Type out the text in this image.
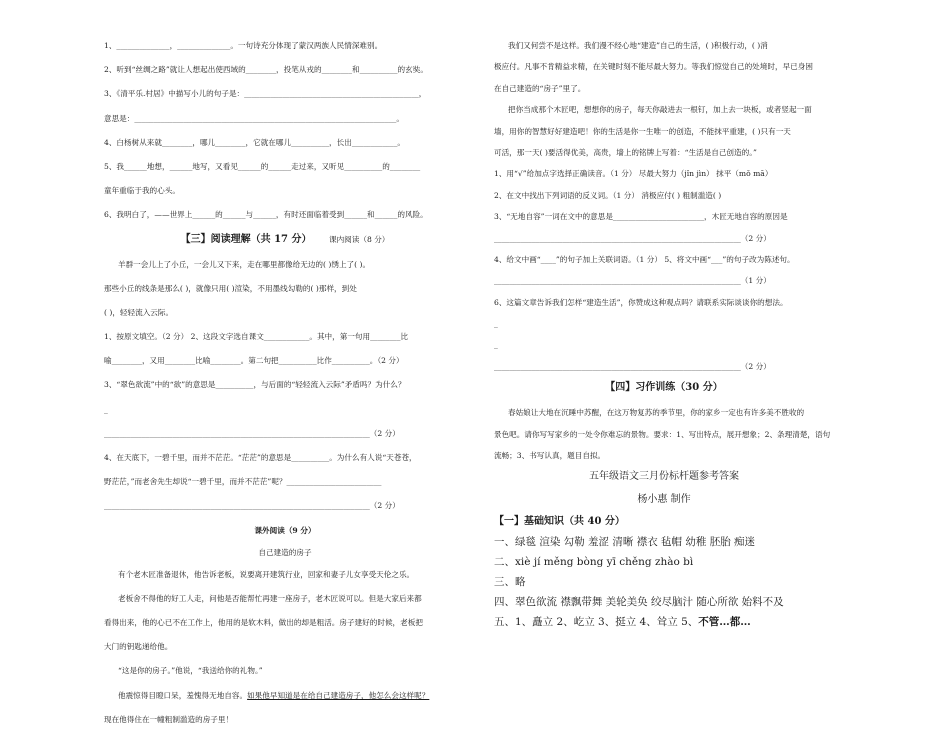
1、______________，______________。一句诗充分体现了蒙汉两族人民情深难别。
2、听到“丝绸之路”就让人想起出使西域的________，投笔从戎的________和__________的玄奘。
3、《清平乐.村居》中描写小儿的句子是：______________________________________________，
意思是：_____________________________________________________________________。
4、白杨树从来就________，哪儿________，它就在哪儿__________，长出____________。
5、我______地想，______地写，又看见______的______走过来，又听见__________的________
童年重临于我的心头。
6、我明白了，——世界上______的______与______，有时还面临着受到______和______的风险。
【三】阅读理解（共 17 分） 课内阅读（8 分）
羊群一会儿上了小丘，一会儿又下来，走在哪里都像给无边的( )绣上了( )。
那些小丘的线条是那么( )，就像只用( )渲染，不用墨线勾勒的( )那样，到处
( )，轻轻流入云际。
1、按原文填空。（2 分） 2、这段文字选自课文____________。其中，第一句用________比
喻________，又用________比喻________。第二句把__________比作__________。（2 分）
3、“翠色欲流”中的“欲”的意思是__________，与后面的“轻轻流入云际”矛盾吗？为什么？
_
______________________________________________________________________（2 分）
4、在天底下，一碧千里，而并不茫茫。“茫茫”的意思是__________。为什么有人说“天苍苍，
野茫茫，”而老舍先生却说“一碧千里，而并不茫茫”呢？_________________________
______________________________________________________________________（2 分）
课外阅读（9 分）
自己建造的房子
有个老木匠准备退休，他告诉老板，说要离开建筑行业，回家和妻子儿女享受天伦之乐。
老板舍不得他的好工人走，问他是否能帮忙再建一座房子，老木匠说可以。但是大家后来都
看得出来，他的心已不在工作上，他用的是软木料，做出的却是粗活。房子建好的时候，老板把
大门的钥匙递给他。
“这是你的房子。”他说，“我送给你的礼物。”
他震惊得目瞪口呆，羞愧得无地自容。如果他早知道是在给自己建造房子，他怎么会这样呢？
现在他得住在一幢粗制滥造的房子里！
我们又何尝不是这样。我们漫不经心地“建造”自己的生活，( )积极行动，( )消
极应付。凡事不肯精益求精，在关键时刻不能尽最大努力。等我们惊觉自己的处境时，早已身困
在自己建造的“房子”里了。
把你当成那个木匠吧，想想你的房子，每天你敲进去一根钉，加上去一块板，或者竖起一面
墙，用你的智慧好好建造吧！你的生活是你一生唯一的创造，不能抹平重建，( )只有一天
可活，那一天( )要活得优美，高贵，墙上的铭牌上写着：“生活是自己创造的。”
1、用“√”给加点字选择正确读音。（1 分） 尽最大努力（jǐn jìn） 抹平（mǒ mā）
2、在文中找出下列词语的反义词。（1 分） 消极应付( ) 粗制滥造( )
3、“无地自容”一词在文中的意思是________________________，木匠无地自容的原因是
_________________________________________________________________（2 分）
4、给文中画“____”的句子加上关联词语。（1 分） 5、将文中画“___”的句子改为陈述句。
_________________________________________________________________（1 分）
6、这篇文章告诉我们怎样“建造生活”，你赞成这种观点吗？请联系实际谈谈你的想法。
_
_
_________________________________________________________________（2 分）
【四】习作训练（30 分）
春姑娘让大地在沉睡中苏醒，在这万物复苏的季节里，你的家乡一定也有许多美不胜收的
景色吧。请你写写家乡的一处令你难忘的景物。要求：1、写出特点，展开想象；2、条理清楚，语句
流畅；3、书写认真，题目自拟。
五年级语文三月份标杆题参考答案
杨小惠 制作
【一】基础知识（共 40 分）
一、绿毯 渲染 勾勒 羞涩 清晰 襟衣 毡帽 幼稚 胚胎 痴迷
二、xiè jí měng bòng yī chěng zhào bì
三、略
四、翠色欲流 襟飘带舞 美轮美奂 绞尽脑汁 随心所欲 始料不及
五、1、矗立 2、屹立 3、挺立 4、耸立 5、不管…都…
